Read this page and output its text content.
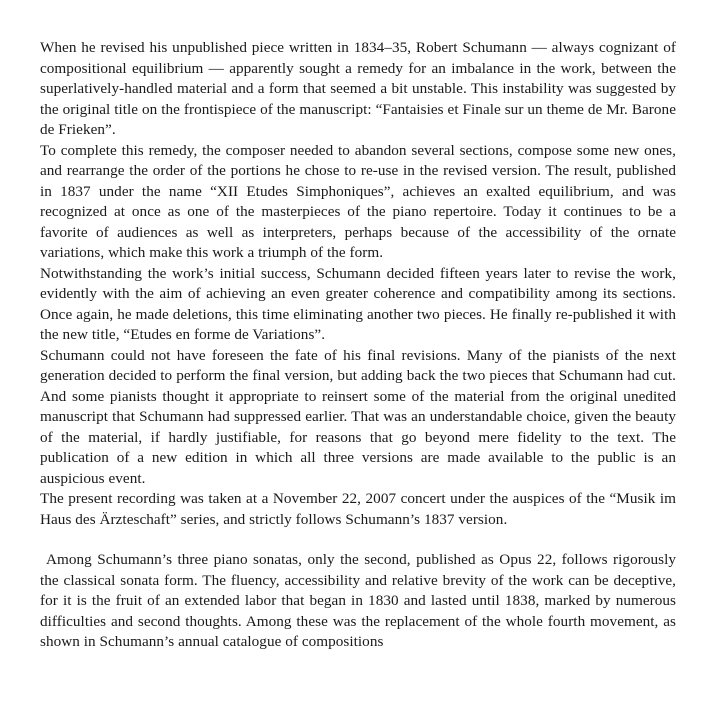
When he revised his unpublished piece written in 1834–35, Robert Schumann — always cognizant of compositional equilibrium — apparently sought a remedy for an imbalance in the work, between the superlatively-handled material and a form that seemed a bit unstable. This instability was suggested by the original title on the frontispiece of the manuscript: “Fantaisies et Finale sur un theme de Mr. Barone de Frieken”.

To complete this remedy, the composer needed to abandon several sections, compose some new ones, and rearrange the order of the portions he chose to re-use in the revised version. The result, published in 1837 under the name “XII Etudes Simphoniques”, achieves an exalted equilibrium, and was recognized at once as one of the masterpieces of the piano repertoire. Today it continues to be a favorite of audiences as well as interpreters, perhaps because of the accessibility of the ornate variations, which make this work a triumph of the form.

Notwithstanding the work’s initial success, Schumann decided fifteen years later to revise the work, evidently with the aim of achieving an even greater coherence and compatibility among its sections. Once again, he made deletions, this time eliminating another two pieces. He finally re-published it with the new title, “Etudes en forme de Variations”.

Schumann could not have foreseen the fate of his final revisions. Many of the pianists of the next generation decided to perform the final version, but adding back the two pieces that Schumann had cut. And some pianists thought it appropriate to reinsert some of the material from the original unedited manuscript that Schumann had suppressed earlier. That was an understandable choice, given the beauty of the material, if hardly justifiable, for reasons that go beyond mere fidelity to the text. The publication of a new edition in which all three versions are made available to the public is an auspicious event.

The present recording was taken at a November 22, 2007 concert under the auspices of the “Musik im Haus des Ärzteschaft” series, and strictly follows Schumann’s 1837 version.

Among Schumann’s three piano sonatas, only the second, published as Opus 22, follows rigorously the classical sonata form. The fluency, accessibility and relative brevity of the work can be deceptive, for it is the fruit of an extended labor that began in 1830 and lasted until 1838, marked by numerous difficulties and second thoughts. Among these was the replacement of the whole fourth movement, as shown in Schumann’s annual catalogue of compositions
